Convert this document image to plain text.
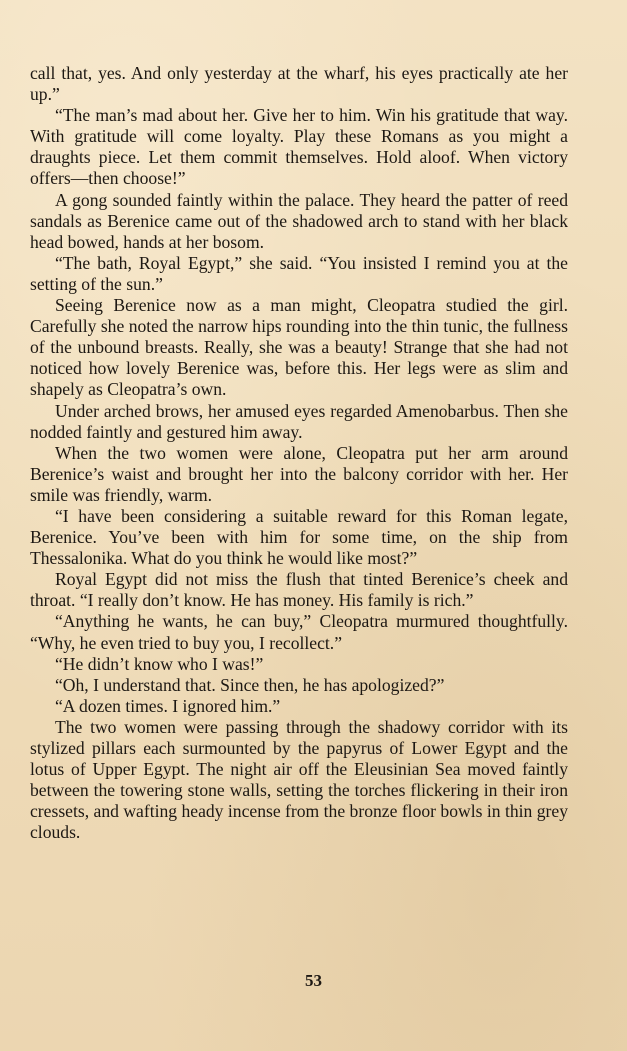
call that, yes. And only yesterday at the wharf, his eyes practically ate her up.”

“The man’s mad about her. Give her to him. Win his gratitude that way. With gratitude will come loyalty. Play these Romans as you might a draughts piece. Let them commit themselves. Hold aloof. When victory offers—then choose!”

A gong sounded faintly within the palace. They heard the patter of reed sandals as Berenice came out of the shadowed arch to stand with her black head bowed, hands at her bosom.

“The bath, Royal Egypt,” she said. “You insisted I remind you at the setting of the sun.”

Seeing Berenice now as a man might, Cleopatra studied the girl. Carefully she noted the narrow hips rounding into the thin tunic, the fullness of the unbound breasts. Really, she was a beauty! Strange that she had not noticed how lovely Berenice was, before this. Her legs were as slim and shapely as Cleopatra’s own.

Under arched brows, her amused eyes regarded Amenobarbus. Then she nodded faintly and gestured him away.

When the two women were alone, Cleopatra put her arm around Berenice’s waist and brought her into the balcony corridor with her. Her smile was friendly, warm.

“I have been considering a suitable reward for this Roman legate, Berenice. You’ve been with him for some time, on the ship from Thessalonika. What do you think he would like most?”

Royal Egypt did not miss the flush that tinted Berenice’s cheek and throat. “I really don’t know. He has money. His family is rich.”

“Anything he wants, he can buy,” Cleopatra murmured thoughtfully. “Why, he even tried to buy you, I recollect.”

“He didn’t know who I was!”

“Oh, I understand that. Since then, he has apologized?”

“A dozen times. I ignored him.”

The two women were passing through the shadowy corridor with its stylized pillars each surmounted by the papyrus of Lower Egypt and the lotus of Upper Egypt. The night air off the Eleusinian Sea moved faintly between the towering stone walls, setting the torches flickering in their iron cressets, and wafting heady incense from the bronze floor bowls in thin grey clouds.

53
